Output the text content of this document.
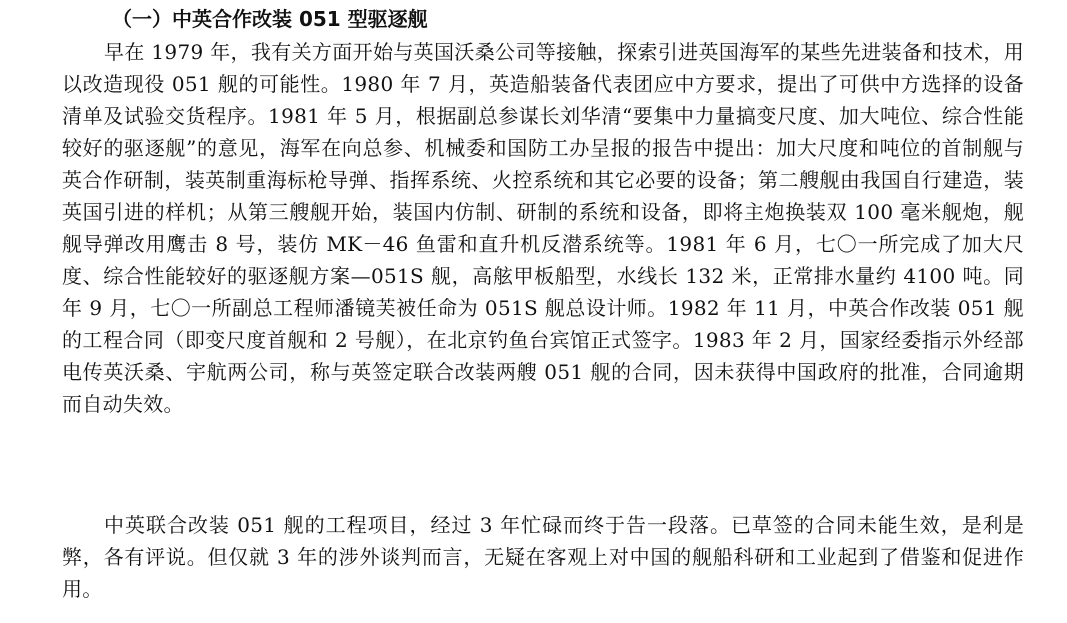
（一）中英合作改装 051 型驱逐舰

早在 1979 年，我有关方面开始与英国沃桑公司等接触，探索引进英国海军的某些先进装备和技术，用以改造现役 051 舰的可能性。1980 年 7 月，英造船装备代表团应中方要求，提出了可供中方选择的设备清单及试验交货程序。1981 年 5 月，根据副总参谋长刘华清“要集中力量搞变尺度、加大吨位、综合性能较好的驱逐舰”的意见，海军在向总参、机械委和国防工办呈报的报告中提出：加大尺度和吨位的首制舰与英合作研制，装英制重海标枪导弹、指挥系统、火控系统和其它必要的设备；第二艘舰由我国自行建造，装英国引进的样机；从第三艘舰开始，装国内仿制、研制的系统和设备，即将主炮换装双 100 毫米舰炮，舰舰导弹改用鹰击 8 号，装仿 MK－46 鱼雷和直升机反潜系统等。1981 年 6 月，七〇一所完成了加大尺度、综合性能较好的驱逐舰方案—051S 舰，高舷甲板船型，水线长 132 米，正常排水量约 4100 吨。同年 9 月，七〇一所副总工程师潘镜芙被任命为 051S 舰总设计师。1982 年 11 月，中英合作改装 051 舰的工程合同（即变尺度首舰和 2 号舰），在北京钓鱼台宾馆正式签字。1983 年 2 月，国家经委指示外经部电传英沃桑、宇航两公司，称与英签定联合改装两艘 051 舰的合同，因未获得中国政府的批准，合同逾期而自动失效。

中英联合改装 051 舰的工程项目，经过 3 年忙碌而终于告一段落。已草签的合同未能生效，是利是弊，各有评说。但仅就 3 年的涉外谈判而言，无疑在客观上对中国的舰船科研和工业起到了借鉴和促进作用。
